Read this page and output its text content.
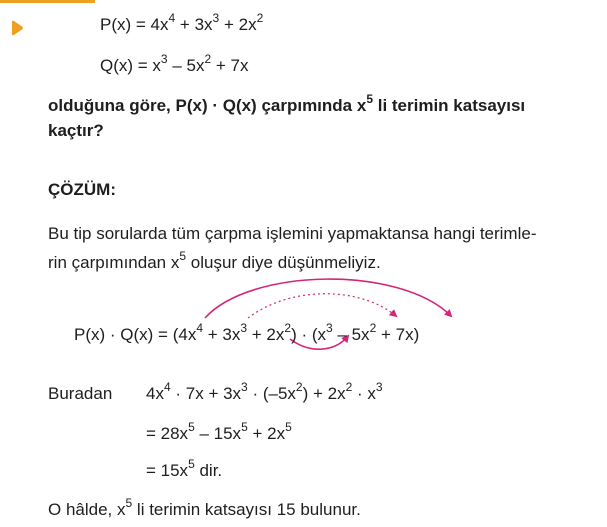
$P(x) = 4x^4 + 3x^3 + 2x^2$
$Q(x) = x^3 - 5x^2 + 7x$
olduğuna göre, P(x) · Q(x) çarpımında $x^5$ li terimin katsayısı
kaçtır?
ÇÖZÜM:
Bu tip sorularda tüm çarpma işlemini yapmaktansa hangi terimle-
rin çarpımından $x^5$ oluşur diye düşünmeliyiz.
$P(x) \cdot Q(x) = (4x^4 + 3x^3 + 2x^2) \cdot (x^3 - 5x^2 + 7x)$
Buradan $4x^4 \cdot 7x + 3x^3 \cdot (-5x^2) + 2x^2 \cdot x^3$
= $28x^5 - 15x^5 + 2x^5$
= $15x^5$ dir.
O hâlde, $x^5$ li terimin katsayısı 15 bulunur.
